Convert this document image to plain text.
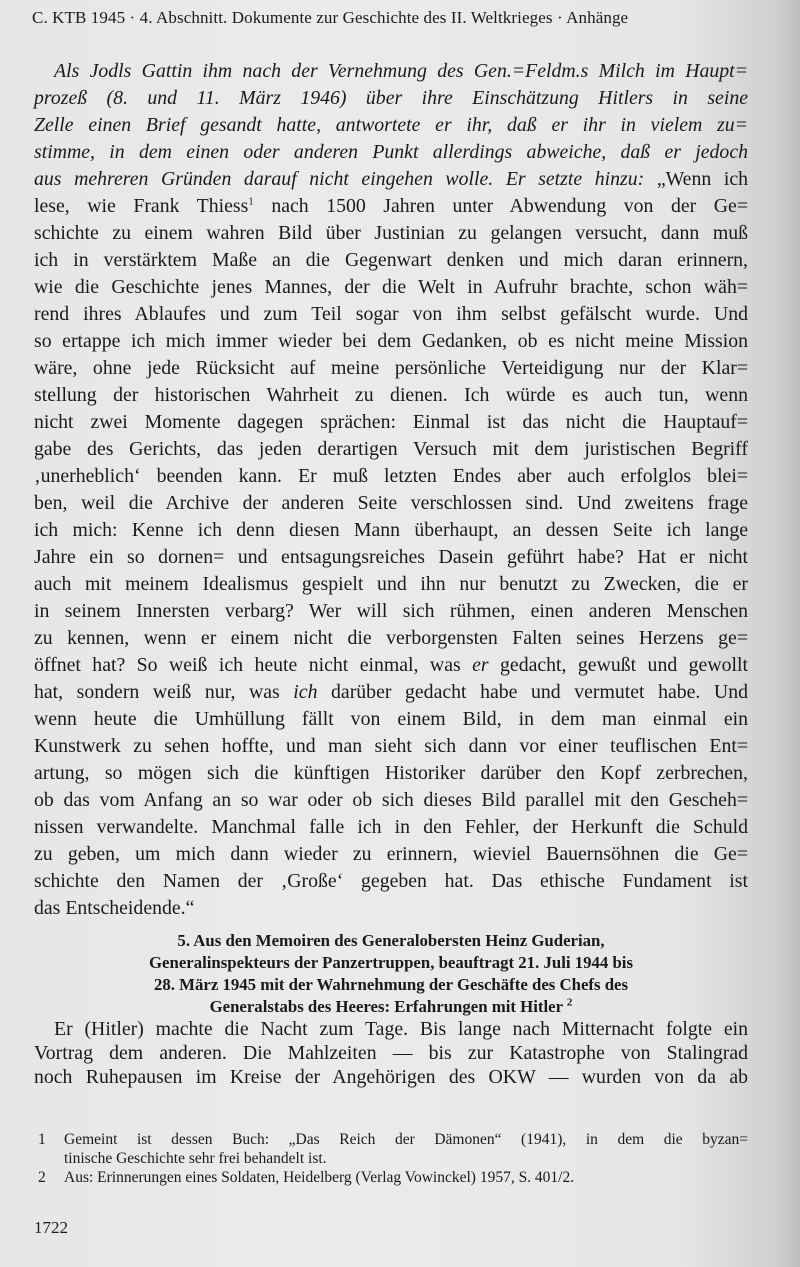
C. KTB 1945 · 4. Abschnitt. Dokumente zur Geschichte des II. Weltkrieges · Anhänge
Als Jodls Gattin ihm nach der Vernehmung des Gen.=Feldm.s Milch im Haupt=
prozeß (8. und 11. März 1946) über ihre Einschätzung Hitlers in seine
Zelle einen Brief gesandt hatte, antwortete er ihr, daß er ihr in vielem zu=
stimme, in dem einen oder anderen Punkt allerdings abweiche, daß er jedoch
aus mehreren Gründen darauf nicht eingehen wolle. Er setzte hinzu: „Wenn ich
lese, wie Frank Thiess$^1$ nach 1500 Jahren unter Abwendung von der Ge=
schichte zu einem wahren Bild über Justinian zu gelangen versucht, dann muß
ich in verstärktem Maße an die Gegenwart denken und mich daran erinnern,
wie die Geschichte jenes Mannes, der die Welt in Aufruhr brachte, schon wäh=
rend ihres Ablaufes und zum Teil sogar von ihm selbst gefälscht wurde. Und
so ertappe ich mich immer wieder bei dem Gedanken, ob es nicht meine Mission
wäre, ohne jede Rücksicht auf meine persönliche Verteidigung nur der Klar=
stellung der historischen Wahrheit zu dienen. Ich würde es auch tun, wenn
nicht zwei Momente dagegen sprächen: Einmal ist das nicht die Hauptauf=
gabe des Gerichts, das jeden derartigen Versuch mit dem juristischen Begriff
‚unerheblich‘ beenden kann. Er muß letzten Endes aber auch erfolglos blei=
ben, weil die Archive der anderen Seite verschlossen sind. Und zweitens frage
ich mich: Kenne ich denn diesen Mann überhaupt, an dessen Seite ich lange
Jahre ein so dornen= und entsagungsreiches Dasein geführt habe? Hat er nicht
auch mit meinem Idealismus gespielt und ihn nur benutzt zu Zwecken, die er
in seinem Innersten verbarg? Wer will sich rühmen, einen anderen Menschen
zu kennen, wenn er einem nicht die verborgensten Falten seines Herzens ge=
öffnet hat? So weiß ich heute nicht einmal, was er gedacht, gewußt und gewollt
hat, sondern weiß nur, was ich darüber gedacht habe und vermutet habe. Und
wenn heute die Umhüllung fällt von einem Bild, in dem man einmal ein
Kunstwerk zu sehen hoffte, und man sieht sich dann vor einer teuflischen Ent=
artung, so mögen sich die künftigen Historiker darüber den Kopf zerbrechen,
ob das vom Anfang an so war oder ob sich dieses Bild parallel mit den Gescheh=
nissen verwandelte. Manchmal falle ich in den Fehler, der Herkunft die Schuld
zu geben, um mich dann wieder zu erinnern, wieviel Bauernsöhnen die Ge=
schichte den Namen der ‚Große‘ gegeben hat. Das ethische Fundament ist
das Entscheidende.“
5. Aus den Memoiren des Generalobersten Heinz Guderian,
Generalinspekteurs der Panzertruppen, beauftragt 21. Juli 1944 bis
28. März 1945 mit der Wahrnehmung der Geschäfte des Chefs des
Generalstabs des Heeres: Erfahrungen mit Hitler $^2$
Er (Hitler) machte die Nacht zum Tage. Bis lange nach Mitternacht folgte ein
Vortrag dem anderen. Die Mahlzeiten — bis zur Katastrophe von Stalingrad
noch Ruhepausen im Kreise der Angehörigen des OKW — wurden von da ab
1 Gemeint ist dessen Buch: „Das Reich der Dämonen“ (1941), in dem die byzan=
tinische Geschichte sehr frei behandelt ist.
2 Aus: Erinnerungen eines Soldaten, Heidelberg (Verlag Vowinckel) 1957, S. 401/2.
1722
